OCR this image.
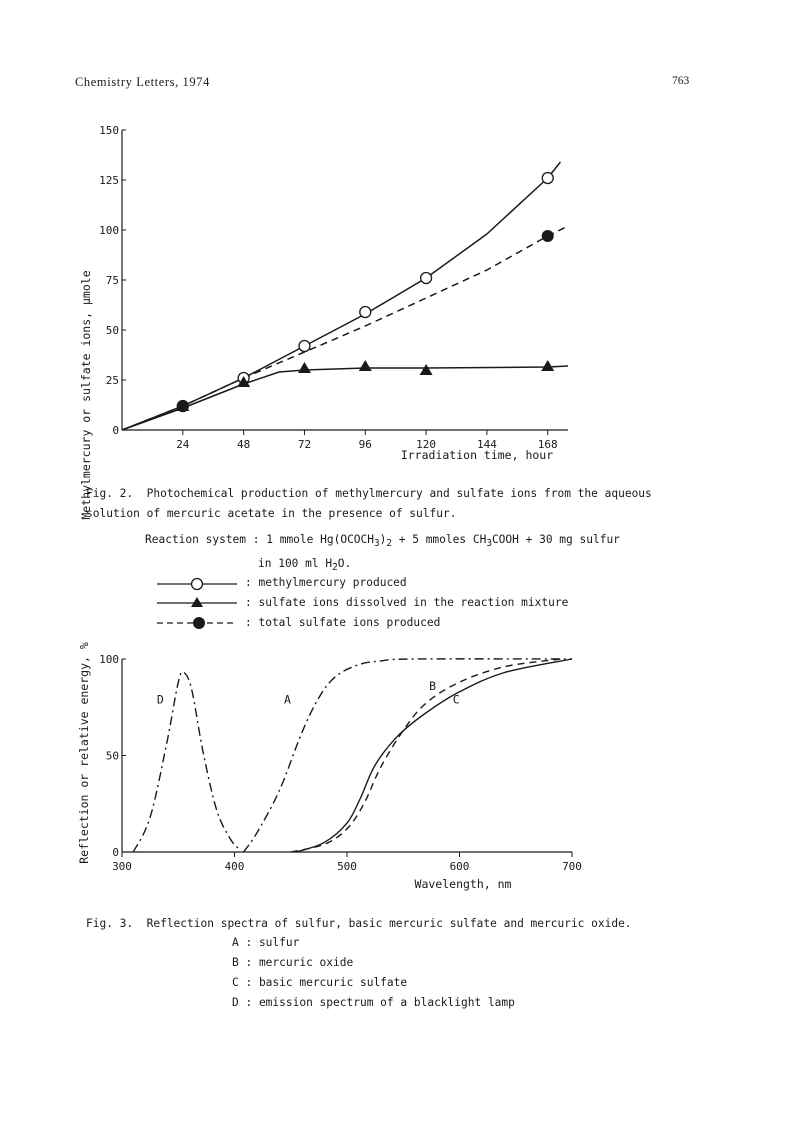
Chemistry Letters, 1974	763
24	48	72	96	120	144	168
0
25
50
75
100
125
150
Methylmercury or sulfate ions, μmole	Irradiation time, hour
Fig. 2.  Photochemical production of methylmercury and sulfate ions from the aqueous
solution of mercuric acetate in the presence of sulfur.
Reaction system : 1 mmole $Hg(OCOCH_3)_2 + 5$ mmoles $CH_3COOH + 30$ mg sulfur
in 100 ml $H_2O$.
: methylmercury produced
: sulfate ions dissolved in the reaction mixture
: total sulfate ions produced
300	400	500	600	700
0
50
100
A
B
C
D
Reflection or relative energy, %
Wavelength, nm
Fig. 3.  Reflection spectra of sulfur, basic mercuric sulfate and mercuric oxide.
A : sulfur
B : mercuric oxide
C : basic mercuric sulfate
D : emission spectrum of a blacklight lamp
